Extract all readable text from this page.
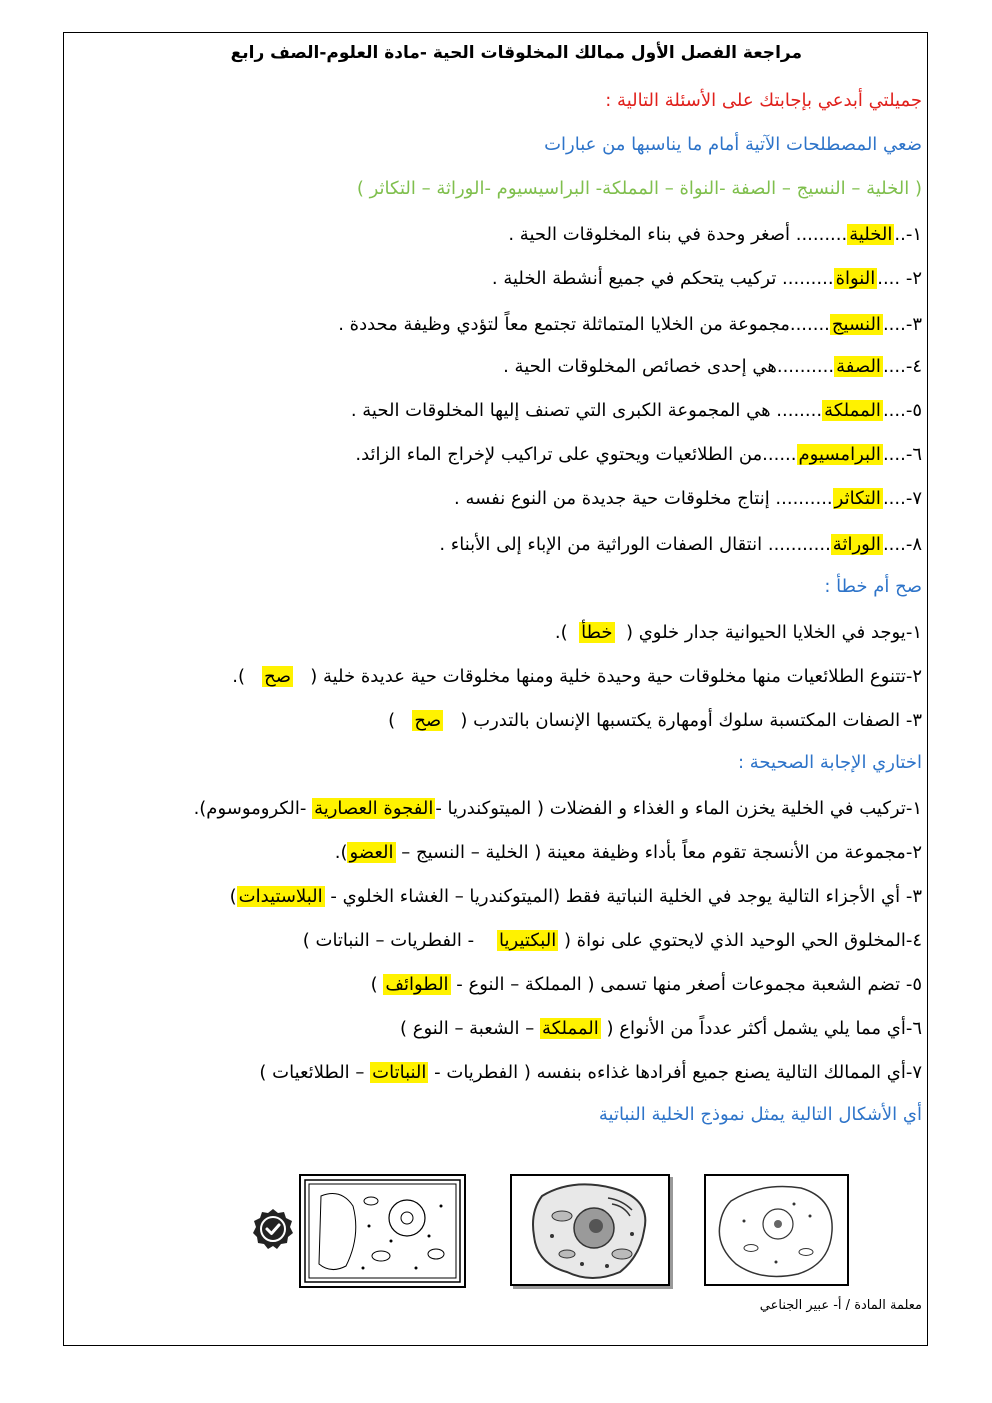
مراجعة الفصل الأول ممالك المخلوقات الحية -مادة العلوم-الصف رابع
جميلتي أبدعي بإجابتك على الأسئلة التالية :
ضعي المصطلحات الآتية أمام ما يناسبها من عبارات
( الخلية – النسيج – الصفة -النواة – المملكة- البراسيسيوم -الوراثة – التكاثر )
١-..الخلية......... أصغر وحدة في بناء المخلوقات الحية .
٢- ....النواة......... تركيب يتحكم في جميع أنشطة الخلية .
٣-....النسيج.......مجموعة من الخلايا المتماثلة تجتمع معاً لتؤدي وظيفة محددة .
٤-....الصفة..........هي إحدى خصائص المخلوقات الحية .
٥-....المملكة........ هي المجموعة الكبرى التي تصنف إليها المخلوقات الحية .
٦-....البرامسيوم......من الطلائعيات ويحتوي على تراكيب لإخراج الماء الزائد.
٧-....التكاثر.......... إنتاج مخلوقات حية جديدة من النوع نفسه .
٨-....الوراثة........... انتقال الصفات الوراثية من الإباء إلى الأبناء .
صح أم خطأ :
١-يوجد في الخلايا الحيوانية جدار خلوي (  خطأ  ).
٢-تتنوع الطلائعيات منها مخلوقات حية وحيدة خلية ومنها مخلوقات حية عديدة خلية (   صح   ).
٣- الصفات المكتسبة سلوك أومهارة يكتسبها الإنسان بالتدرب (   صح   )
اختاري الإجابة الصحيحة :
١-تركيب في الخلية يخزن الماء و الغذاء و الفضلات ( الميتوكندريا -الفجوة العصارية -الكروموسوم).
٢-مجموعة من الأنسجة تقوم معاً بأداء وظيفة معينة ( الخلية – النسيج – العضو).
٣- أي الأجزاء التالية يوجد في الخلية النباتية فقط (الميتوكندريا – الغشاء الخلوي - البلاستيدات)
٤-المخلوق الحي الوحيد الذي لايحتوي على نواة ( البكتيريا    - الفطريات – النباتات )
٥- تضم الشعبة مجموعات أصغر منها تسمى ( المملكة – النوع - الطوائف )
٦-أي مما يلي يشمل أكثر عدداً من الأنواع ( المملكة – الشعبة – النوع )
٧-أي الممالك التالية يصنع جميع أفرادها غذاءه بنفسه ( الفطريات - النباتات – الطلائعيات )
أي الأشكال التالية يمثل نموذج الخلية النباتية
معلمة المادة / أ- عبير الجناعي
